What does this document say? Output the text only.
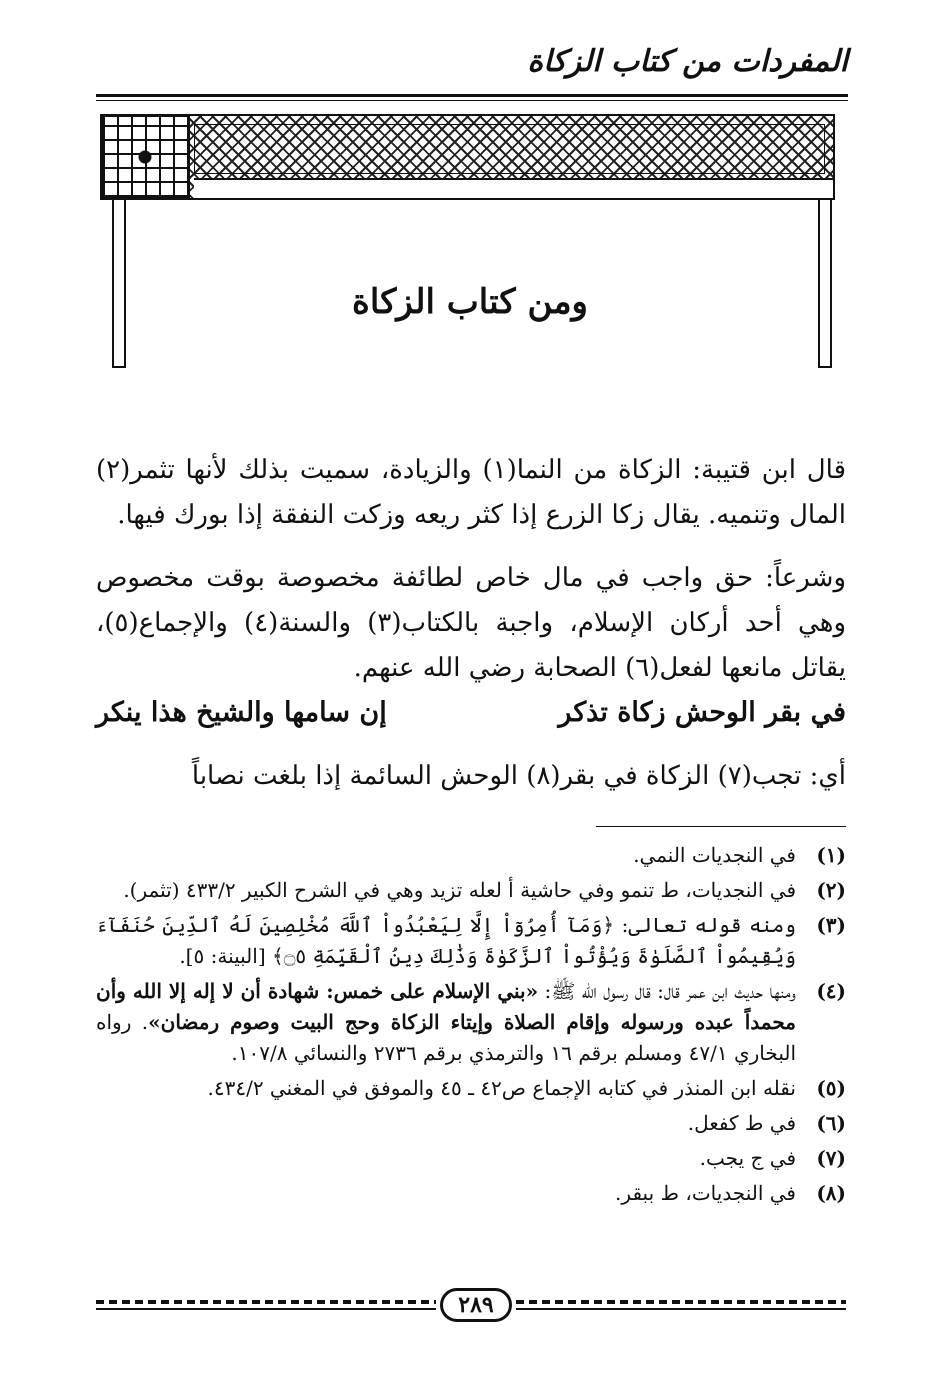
المفردات من كتاب الزكاة
ومن كتاب الزكاة

قال ابن قتيبة: الزكاة من النما(١) والزيادة، سميت بذلك لأنها تثمر(٢) المال وتنميه. يقال زكا الزرع إذا كثر ريعه وزكت النفقة إذا بورك فيها.

وشرعاً: حق واجب في مال خاص لطائفة مخصوصة بوقت مخصوص وهي أحد أركان الإسلام، واجبة بالكتاب(٣) والسنة(٤) والإجماع(٥)، يقاتل مانعها لفعل(٦) الصحابة رضي الله عنهم.

في بقر الوحش زكاة تذكر
إن سامها والشيخ هذا ينكر

أي: تجب(٧) الزكاة في بقر(٨) الوحش السائمة إذا بلغت نصاباً

(١)
في النجديات النمي.
(٢)
في النجديات، ط تنمو وفي حاشية أ لعله تزيد وهي في الشرح الكبير ٤٣٣/٢ (تثمر).
(٣)
ومنه قوله تعالى: ﴿وَمَآ أُمِرُوٓاْ إِلَّا لِيَعْبُدُواْ ٱللَّهَ مُخْلِصِينَ لَهُ ٱلدِّينَ حُنَفَآءَ وَيُقِيمُواْ ٱلصَّلَوٰةَ وَيُؤْتُواْ ٱلزَّكَوٰةَ وَذَٰلِكَ دِينُ ٱلْقَيِّمَةِ ۝٥﴾ [البينة: ٥].
(٤)
ومنها حديث ابن عمر قال: قال رسول الله ﷺ: «بني الإسلام على خمس: شهادة أن لا إله إلا الله وأن محمداً عبده ورسوله وإقام الصلاة وإيتاء الزكاة وحج البيت وصوم رمضان». رواه البخاري ٤٧/١ ومسلم برقم ١٦ والترمذي برقم ٢٧٣٦ والنسائي ١٠٧/٨.
(٥)
نقله ابن المنذر في كتابه الإجماع ص٤٢ ـ ٤٥ والموفق في المغني ٤٣٤/٢.
(٦)
في ط كفعل.
(٧)
في ج يجب.
(٨)
في النجديات، ط ببقر.
٢٨٩
